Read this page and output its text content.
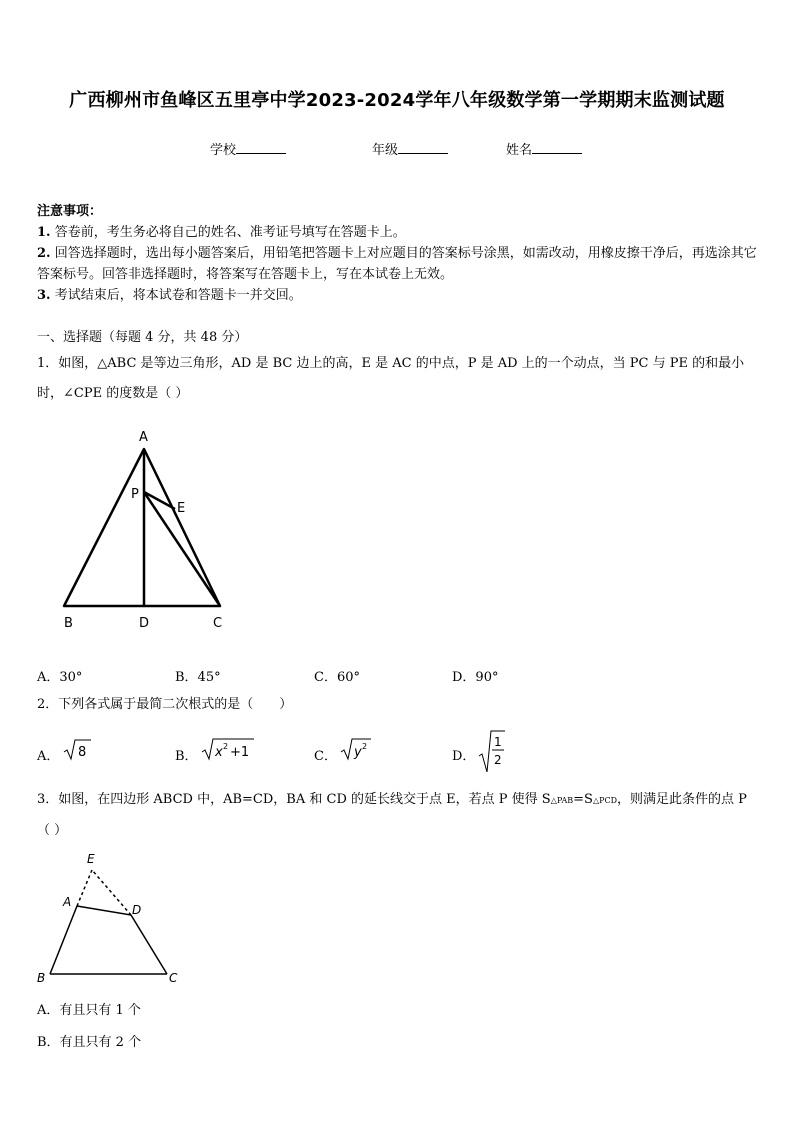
广西柳州市鱼峰区五里亭中学2023-2024学年八年级数学第一学期期末监测试题
学校	年级	姓名

注意事项：

1. 答卷前，考生务必将自己的姓名、准考证号填写在答题卡上。

2. 回答选择题时，选出每小题答案后，用铅笔把答题卡上对应题目的答案标号涂黑，如需改动，用橡皮擦干净后，再选涂其它答案标号。回答非选择题时，将答案写在答题卡上，写在本试卷上无效。

3. 考试结束后，将本试卷和答题卡一并交回。

一、选择题（每题 4 分，共 48 分）
1．如图，△ABC 是等边三角形，AD 是 BC 边上的高，E 是 AC 的中点，P 是 AD 上的一个动点，当 PC 与 PE 的和最小时，∠CPE 的度数是（ ）
A
P
E
B	D	C
A．30°	B．45°	C．60°	D．90°
2．下列各式属于最简二次根式的是（　　）
A． 8	B． x 2 +1	C． y 2
D．
1
2
3．如图，在四边形 ABCD 中，AB=CD，BA 和 CD 的延长线交于点 E，若点 P 使得 S△PAB=S△PCD，则满足此条件的点 P
（ ）
E
A
D
B	C
A．有且只有 1 个
B．有且只有 2 个
